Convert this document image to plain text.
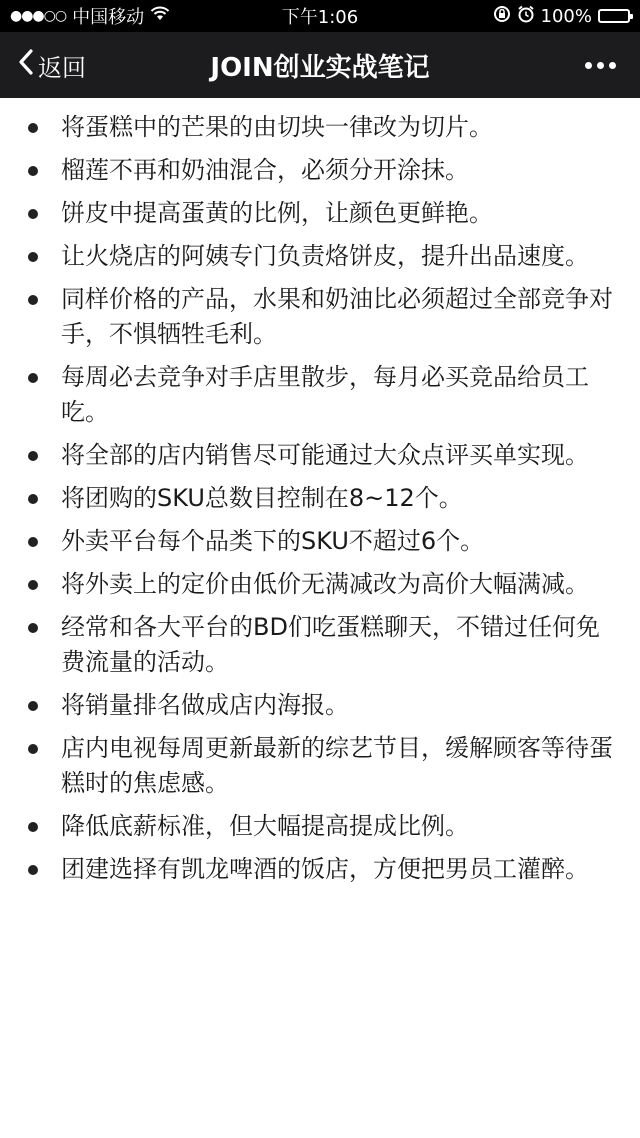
●●●○○ 中国移动	下午1:06	100%
返回	JOIN创业实战笔记
将蛋糕中的芒果的由切块一律改为切片。
榴莲不再和奶油混合，必须分开涂抹。
饼皮中提高蛋黄的比例，让颜色更鲜艳。
让火烧店的阿姨专门负责烙饼皮，提升出品速度。
同样价格的产品，水果和奶油比必须超过全部竞争对手，不惧牺牲毛利。
每周必去竞争对手店里散步，每月必买竞品给员工吃。
将全部的店内销售尽可能通过大众点评买单实现。
将团购的SKU总数目控制在8~12个。
外卖平台每个品类下的SKU不超过6个。
将外卖上的定价由低价无满减改为高价大幅满减。
经常和各大平台的BD们吃蛋糕聊天，不错过任何免费流量的活动。
将销量排名做成店内海报。
店内电视每周更新最新的综艺节目，缓解顾客等待蛋糕时的焦虑感。
降低底薪标准，但大幅提高提成比例。
团建选择有凯龙啤酒的饭店，方便把男员工灌醉。
